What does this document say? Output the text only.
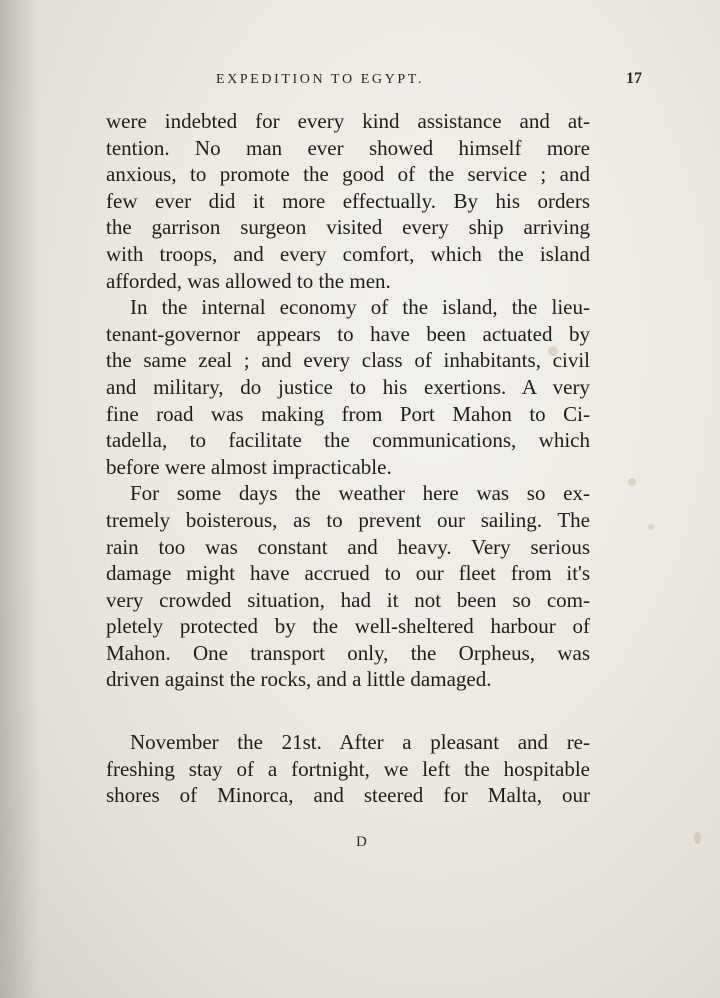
EXPEDITION TO EGYPT.	17

were indebted for every kind assistance and at-
tention. No man ever showed himself more
anxious, to promote the good of the service ; and
few ever did it more effectually. By his orders
the garrison surgeon visited every ship arriving
with troops, and every comfort, which the island
afforded, was allowed to the men.

In the internal economy of the island, the lieu-
tenant-governor appears to have been actuated by
the same zeal ; and every class of inhabitants, civil
and military, do justice to his exertions. A very
fine road was making from Port Mahon to Ci-
tadella, to facilitate the communications, which
before were almost impracticable.

For some days the weather here was so ex-
tremely boisterous, as to prevent our sailing. The
rain too was constant and heavy. Very serious
damage might have accrued to our fleet from it's
very crowded situation, had it not been so com-
pletely protected by the well-sheltered harbour of
Mahon. One transport only, the Orpheus, was
driven against the rocks, and a little damaged.

November the 21st. After a pleasant and re-
freshing stay of a fortnight, we left the hospitable
shores of Minorca, and steered for Malta, our

D
